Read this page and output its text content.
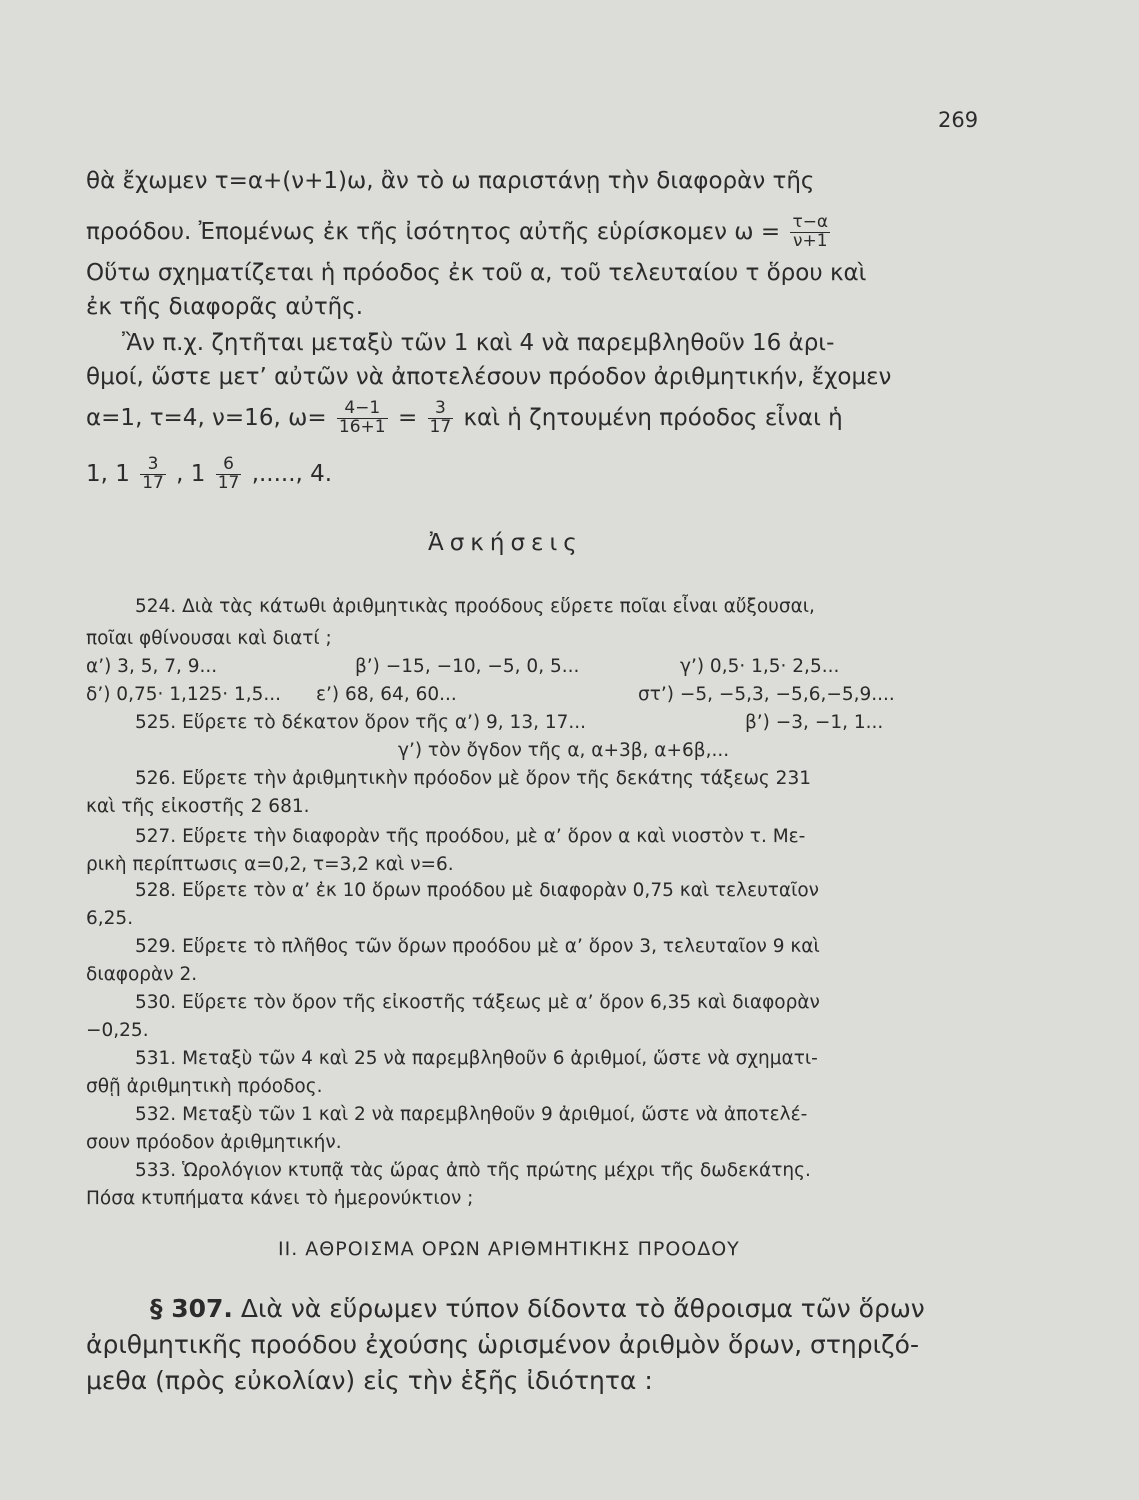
269
θὰ ἔχωμεν τ=α+(ν+1)ω, ἂν τὸ ω παριστάνῃ τὴν διαφορὰν τῆς
προόδου. Ἐπομένως ἐκ τῆς ἰσότητος αὐτῆς εὑρίσκομεν $\omega = \frac{\tau-\alpha}{\nu+1}$
Οὕτω σχηματίζεται ἡ πρόοδος ἐκ τοῦ α, τοῦ τελευταίου τ ὅρου καὶ
ἐκ τῆς διαφορᾶς αὐτῆς.
Ἂν π.χ. ζητῆται μεταξὺ τῶν 1 καὶ 4 νὰ παρεμβληθοῦν 16 ἀρι-
θμοί, ὥστε μετ’ αὐτῶν νὰ ἀποτελέσουν πρόοδον ἀριθμητικήν, ἔχομεν
α=1, τ=4, ν=16, $\omega= \frac{4-1}{16+1} = \frac{3}{17}$ καὶ ἡ ζητουμένη πρόοδος εἶναι ἡ
1, $1 \frac{3}{17}$ , $1 \frac{6}{17}$ ,....., 4.
Ἀσκήσεις
524. Διὰ τὰς κάτωθι ἀριθμητικὰς προόδους εὕρετε ποῖαι εἶναι αὔξουσαι,
ποῖαι φθίνουσαι καὶ διατί ;
α’) 3, 5, 7, 9...	β’) −15, −10, −5, 0, 5...	γ’) 0,5· 1,5· 2,5...
δ’) 0,75· 1,125· 1,5... ε’) 68, 64, 60...	στ’) −5, −5,3, −5,6,−5,9....
525. Εὕρετε τὸ δέκατον ὅρον τῆς α’) 9, 13, 17...	β’) −3, −1, 1...
γ’) τὸν ὄγδον τῆς α, α+3β, α+6β,...
526. Εὕρετε τὴν ἀριθμητικὴν πρόοδον μὲ ὅρον τῆς δεκάτης τάξεως 231
καὶ τῆς εἰκοστῆς 2 681.
527. Εὕρετε τὴν διαφορὰν τῆς προόδου, μὲ α’ ὅρον α καὶ νιοστὸν τ. Με-
ρικὴ περίπτωσις α=0,2, τ=3,2 καὶ ν=6.
528. Εὕρετε τὸν α’ ἐκ 10 ὅρων προόδου μὲ διαφορὰν 0,75 καὶ τελευταῖον
6,25.
529. Εὕρετε τὸ πλῆθος τῶν ὅρων προόδου μὲ α’ ὅρον 3, τελευταῖον 9 καὶ
διαφορὰν 2.
530. Εὕρετε τὸν ὅρον τῆς εἰκοστῆς τάξεως μὲ α’ ὅρον 6,35 καὶ διαφορὰν
−0,25.
531. Μεταξὺ τῶν 4 καὶ 25 νὰ παρεμβληθοῦν 6 ἀριθμοί, ὥστε νὰ σχηματι-
σθῇ ἀριθμητικὴ πρόοδος.
532. Μεταξὺ τῶν 1 καὶ 2 νὰ παρεμβληθοῦν 9 ἀριθμοί, ὥστε νὰ ἀποτελέ-
σουν πρόοδον ἀριθμητικήν.
533. Ὡρολόγιον κτυπᾷ τὰς ὥρας ἀπὸ τῆς πρώτης μέχρι τῆς δωδεκάτης.
Πόσα κτυπήματα κάνει τὸ ἡμερονύκτιον ;
ΙΙ. ΑΘΡΟΙΣΜΑ ΟΡΩΝ ΑΡΙΘΜΗΤΙΚΗΣ ΠΡΟΟΔΟΥ
§ 307. Διὰ νὰ εὕρωμεν τύπον δίδοντα τὸ ἄθροισμα τῶν ὅρων
ἀριθμητικῆς προόδου ἐχούσης ὡρισμένον ἀριθμὸν ὅρων, στηριζό-
μεθα (πρὸς εὐκολίαν) εἰς τὴν ἑξῆς ἰδιότητα :
